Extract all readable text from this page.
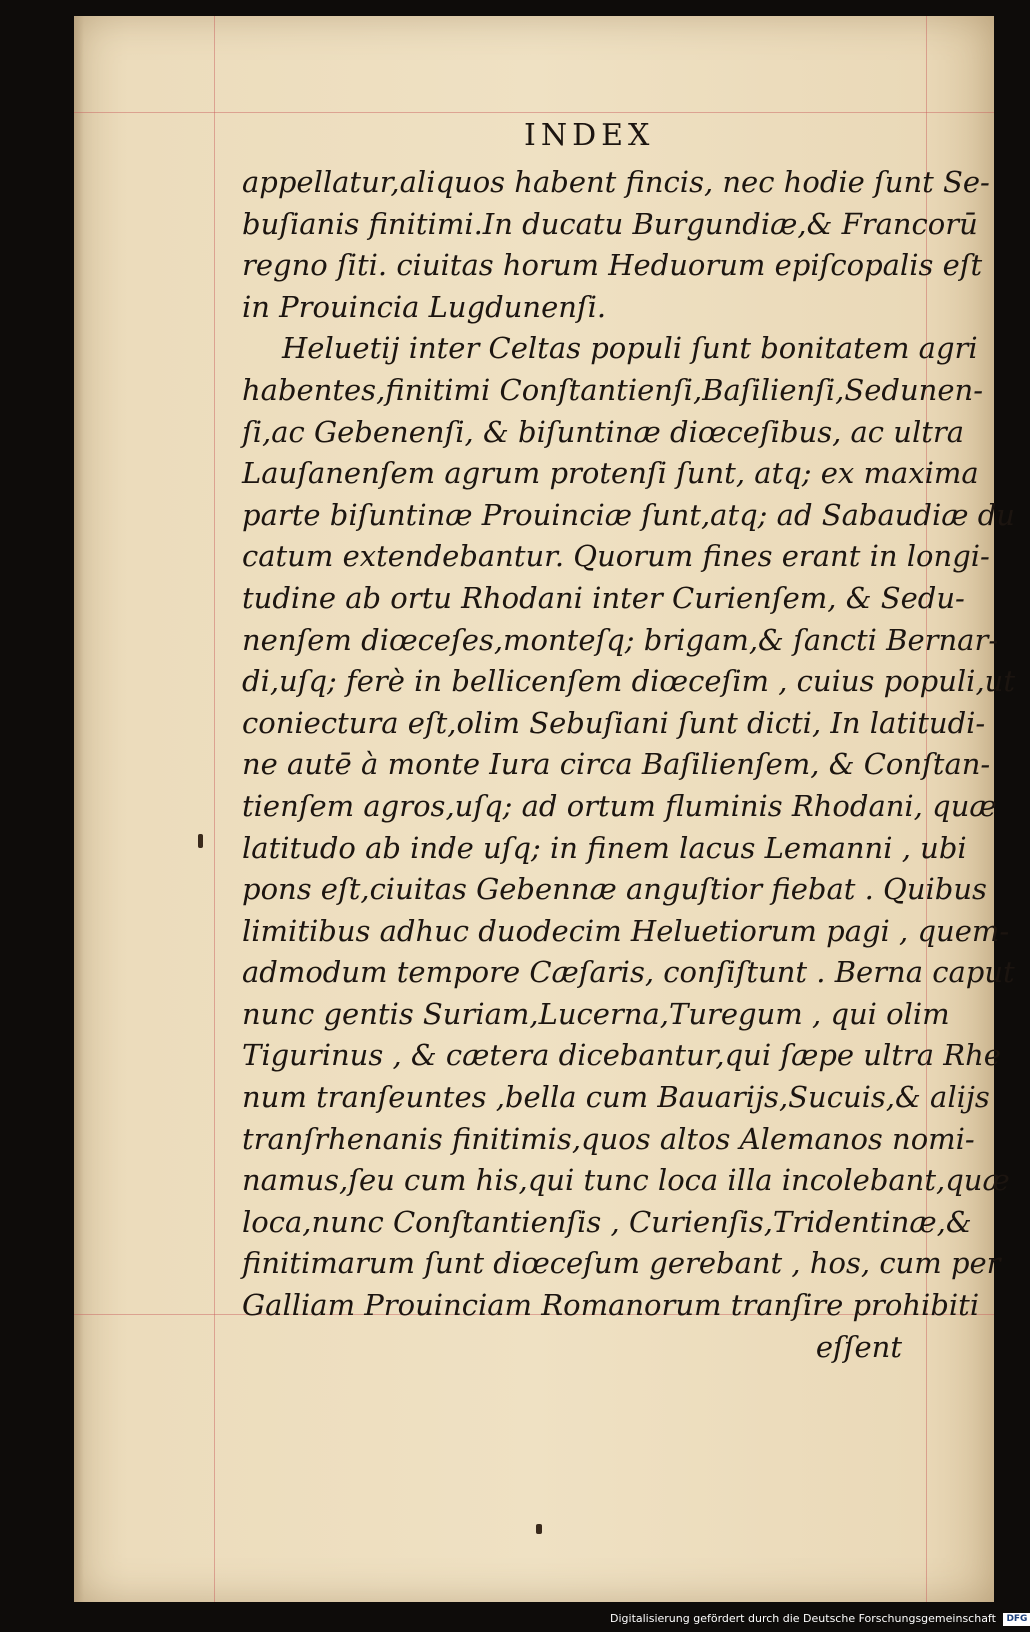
INDEX
appellatur,aliquos habent fincis, nec hodie ſunt Se-
buſianis finitimi.In ducatu Burgundiæ,& Francorū
regno ſiti. ciuitas horum Heduorum epiſcopalis eſt
in Prouincia Lugdunenſi.
Heluetij inter Celtas populi ſunt bonitatem agri
habentes,finitimi Conſtantienſi,Baſilienſi,Sedunen-
ſi,ac Gebenenſi, & biſuntinæ diœceſibus, ac ultra
Lauſanenſem agrum protenſi ſunt, atq; ex maxima
parte biſuntinæ Prouinciæ ſunt,atq; ad Sabaudiæ du
catum extendebantur. Quorum fines erant in longi-
tudine ab ortu Rhodani inter Curienſem, & Sedu-
nenſem diœceſes,monteſq; brigam,& ſancti Bernar-
di,uſq; ferè in bellicenſem diœceſim , cuius populi,ut
coniectura eſt,olim Sebuſiani ſunt dicti, In latitudi-
ne autē à monte Iura circa Baſilienſem, & Conſtan-
tienſem agros,uſq; ad ortum fluminis Rhodani, quæ
latitudo ab inde uſq; in finem lacus Lemanni , ubi
pons eſt,ciuitas Gebennæ anguſtior fiebat . Quibus
limitibus adhuc duodecim Heluetiorum pagi , quem-
admodum tempore Cæſaris, conſiſtunt . Berna caput
nunc gentis Suriam,Lucerna,Turegum , qui olim
Tigurinus , & cætera dicebantur,qui ſæpe ultra Rhe
num tranſeuntes ,bella cum Bauarijs,Sucuis,& alijs
tranſrhenanis finitimis,quos altos Alemanos nomi-
namus,ſeu cum his,qui tunc loca illa incolebant,quæ
loca,nunc Conſtantienſis , Curienſis,Tridentinæ,&
finitimarum ſunt diœceſum gerebant , hos, cum per
Galliam Prouinciam Romanorum tranſire prohibiti
eſſent
Digitalisierung gefördert durch die Deutsche Forschungsgemeinschaft DFG
